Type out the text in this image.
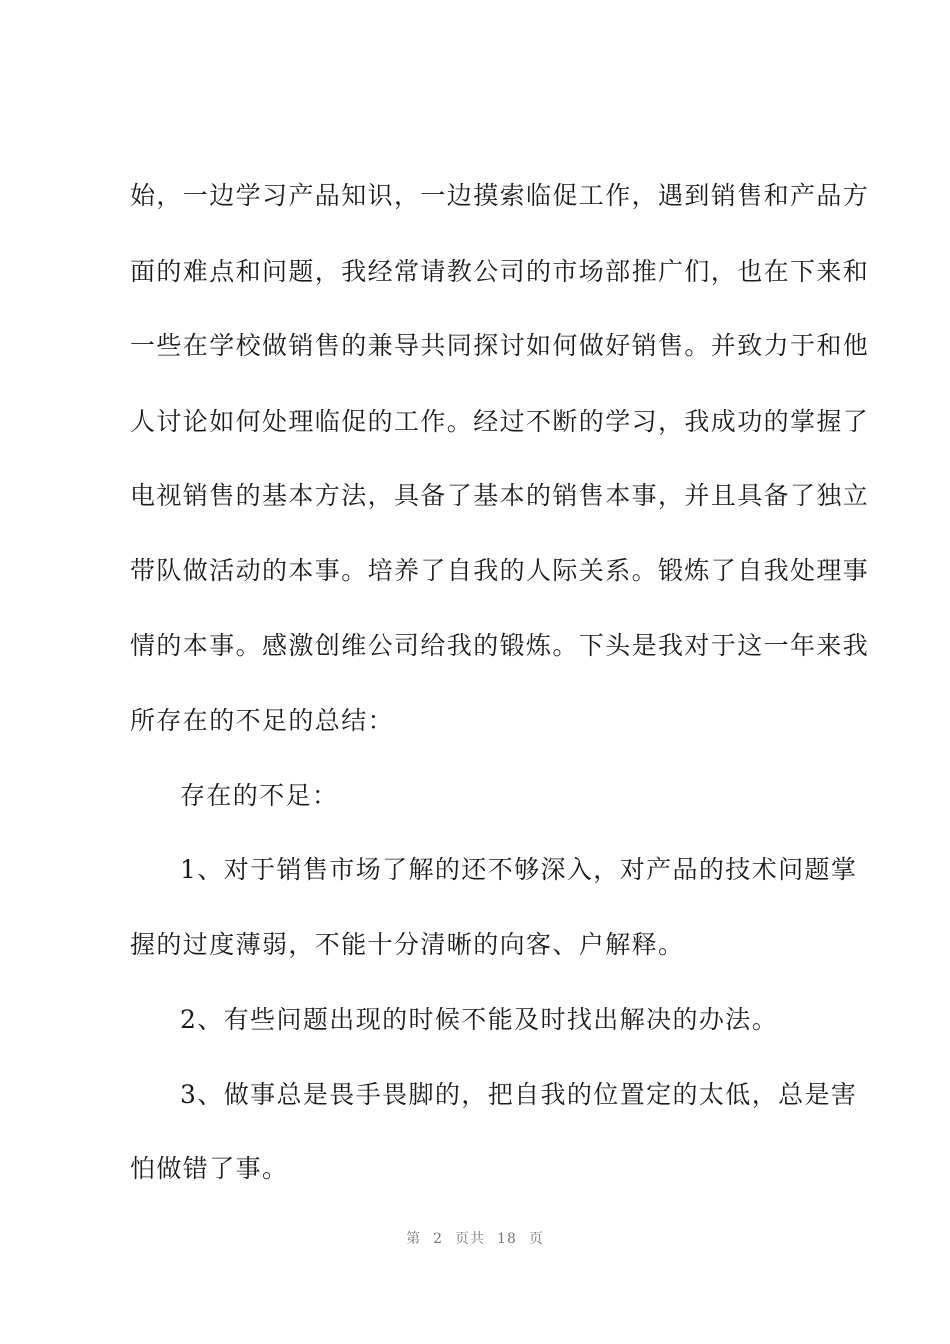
始，一边学习产品知识，一边摸索临促工作，遇到销售和产品方
面的难点和问题，我经常请教公司的市场部推广们，也在下来和
一些在学校做销售的兼导共同探讨如何做好销售。并致力于和他
人讨论如何处理临促的工作。经过不断的学习，我成功的掌握了
电视销售的基本方法，具备了基本的销售本事，并且具备了独立
带队做活动的本事。培养了自我的人际关系。锻炼了自我处理事
情的本事。感激创维公司给我的锻炼。下头是我对于这一年来我
所存在的不足的总结：
存在的不足：
1、对于销售市场了解的还不够深入，对产品的技术问题掌
握的过度薄弱，不能十分清晰的向客、户解释。
2、有些问题出现的时候不能及时找出解决的办法。
3、做事总是畏手畏脚的，把自我的位置定的太低，总是害
怕做错了事。
第 2 页共 18 页
